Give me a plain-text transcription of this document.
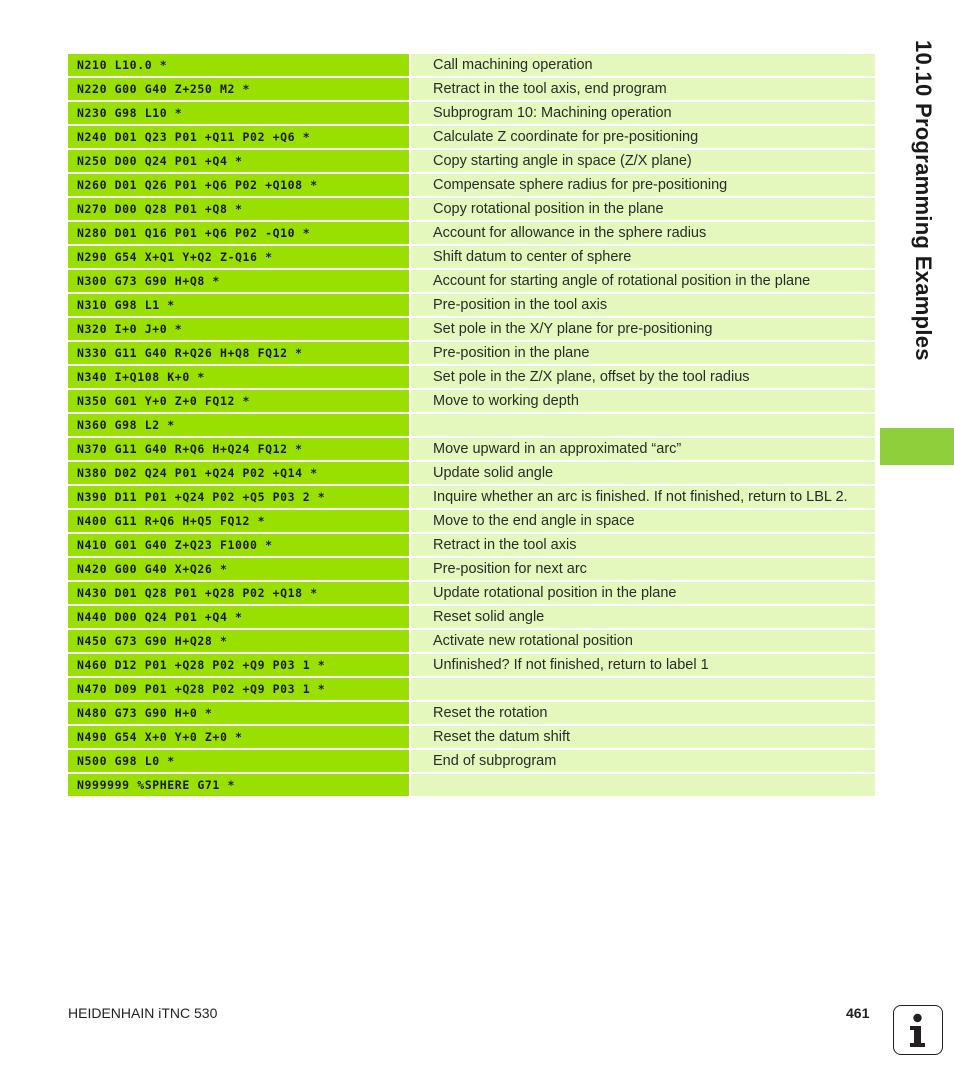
N210 L10.0 *	Call machining operation
N220 G00 G40 Z+250 M2 *	Retract in the tool axis, end program
N230 G98 L10 *	Subprogram 10: Machining operation
N240 D01 Q23 P01 +Q11 P02 +Q6 *	Calculate Z coordinate for pre-positioning
N250 D00 Q24 P01 +Q4 *	Copy starting angle in space (Z/X plane)
N260 D01 Q26 P01 +Q6 P02 +Q108 *	Compensate sphere radius for pre-positioning
N270 D00 Q28 P01 +Q8 *	Copy rotational position in the plane
N280 D01 Q16 P01 +Q6 P02 -Q10 *	Account for allowance in the sphere radius
N290 G54 X+Q1 Y+Q2 Z-Q16 *	Shift datum to center of sphere
N300 G73 G90 H+Q8 *	Account for starting angle of rotational position in the plane
N310 G98 L1 *	Pre-position in the tool axis
N320 I+0 J+0 *	Set pole in the X/Y plane for pre-positioning
N330 G11 G40 R+Q26 H+Q8 FQ12 *	Pre-position in the plane
N340 I+Q108 K+0 *	Set pole in the Z/X plane, offset by the tool radius
N350 G01 Y+0 Z+0 FQ12 *	Move to working depth
N360 G98 L2 *
N370 G11 G40 R+Q6 H+Q24 FQ12 *	Move upward in an approximated “arc”
N380 D02 Q24 P01 +Q24 P02 +Q14 *	Update solid angle
N390 D11 P01 +Q24 P02 +Q5 P03 2 *	Inquire whether an arc is finished. If not finished, return to LBL 2.
N400 G11 R+Q6 H+Q5 FQ12 *	Move to the end angle in space
N410 G01 G40 Z+Q23 F1000 *	Retract in the tool axis
N420 G00 G40 X+Q26 *	Pre-position for next arc
N430 D01 Q28 P01 +Q28 P02 +Q18 *	Update rotational position in the plane
N440 D00 Q24 P01 +Q4 *	Reset solid angle
N450 G73 G90 H+Q28 *	Activate new rotational position
N460 D12 P01 +Q28 P02 +Q9 P03 1 *	Unfinished? If not finished, return to label 1
N470 D09 P01 +Q28 P02 +Q9 P03 1 *
N480 G73 G90 H+0 *	Reset the rotation
N490 G54 X+0 Y+0 Z+0 *	Reset the datum shift
N500 G98 L0 *	End of subprogram
N999999 %SPHERE G71 *
10.10 Programming Examples
HEIDENHAIN iTNC 530	461
